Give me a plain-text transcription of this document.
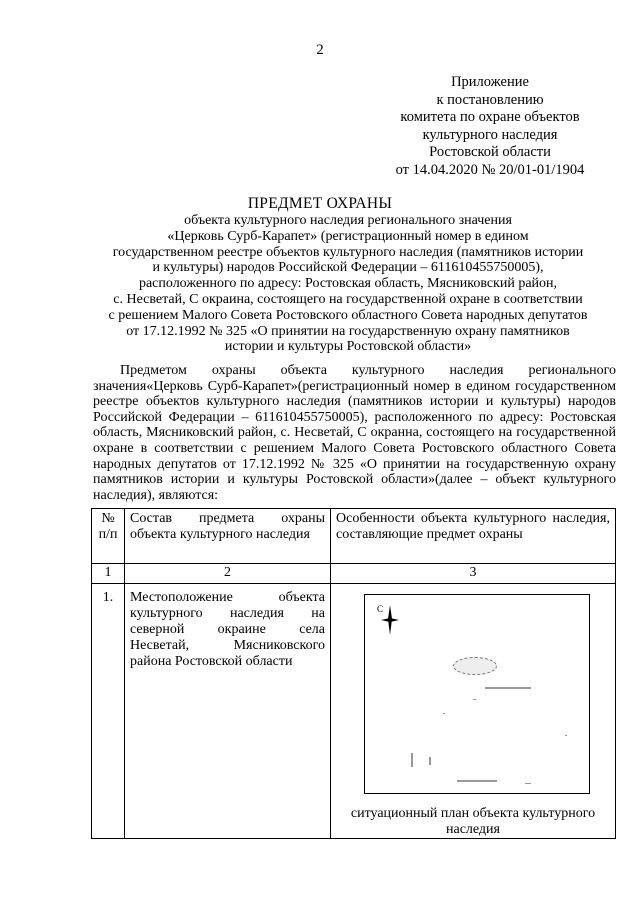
2
Приложение
к постановлению
комитета по охране объектов
культурного наследия
Ростовской области
от 14.04.2020 № 20/01-01/1904
ПРЕДМЕТ ОХРАНЫ
объекта культурного наследия регионального значения
«Церковь Сурб-Карапет» (регистрационный номер в едином
государственном реестре объектов культурного наследия (памятников истории
и культуры) народов Российской Федерации – 611610455750005),
расположенного по адресу: Ростовская область, Мясниковский район,
с. Несветай, С окраина, состоящего на государственной охране в соответствии
с решением Малого Совета Ростовского областного Совета народных депутатов
от 17.12.1992 № 325 «О принятии на государственную охрану памятников
истории и культуры Ростовской области»
Предметом охраны объекта культурного наследия регионального значения«Церковь Сурб-Карапет»(регистрационный номер в едином государственном реестре объектов культурного наследия (памятников истории и культуры) народов Российской Федерации – 611610455750005), расположенного по адресу: Ростовская область, Мясниковский район, с. Несветай, С окранна, состоящего на государственной охране в соответствии с решением Малого Совета Ростовского областного Совета народных депутатов от 17.12.1992 № 325 «О принятии на государственную охрану памятников истории и культуры Ростовской области»(далее – объект культурного наследия), являются:
№ п/п	Состав предмета охраны объекта культурного наследия	Особенности объекта культурного наследия, составляющие предмет охраны
1	2	3
1.	Местоположение объекта культурного наследия на северной окраине села Несветай, Мясниковского района Ростовской области	С
ситуационный план объекта культурного наследия
